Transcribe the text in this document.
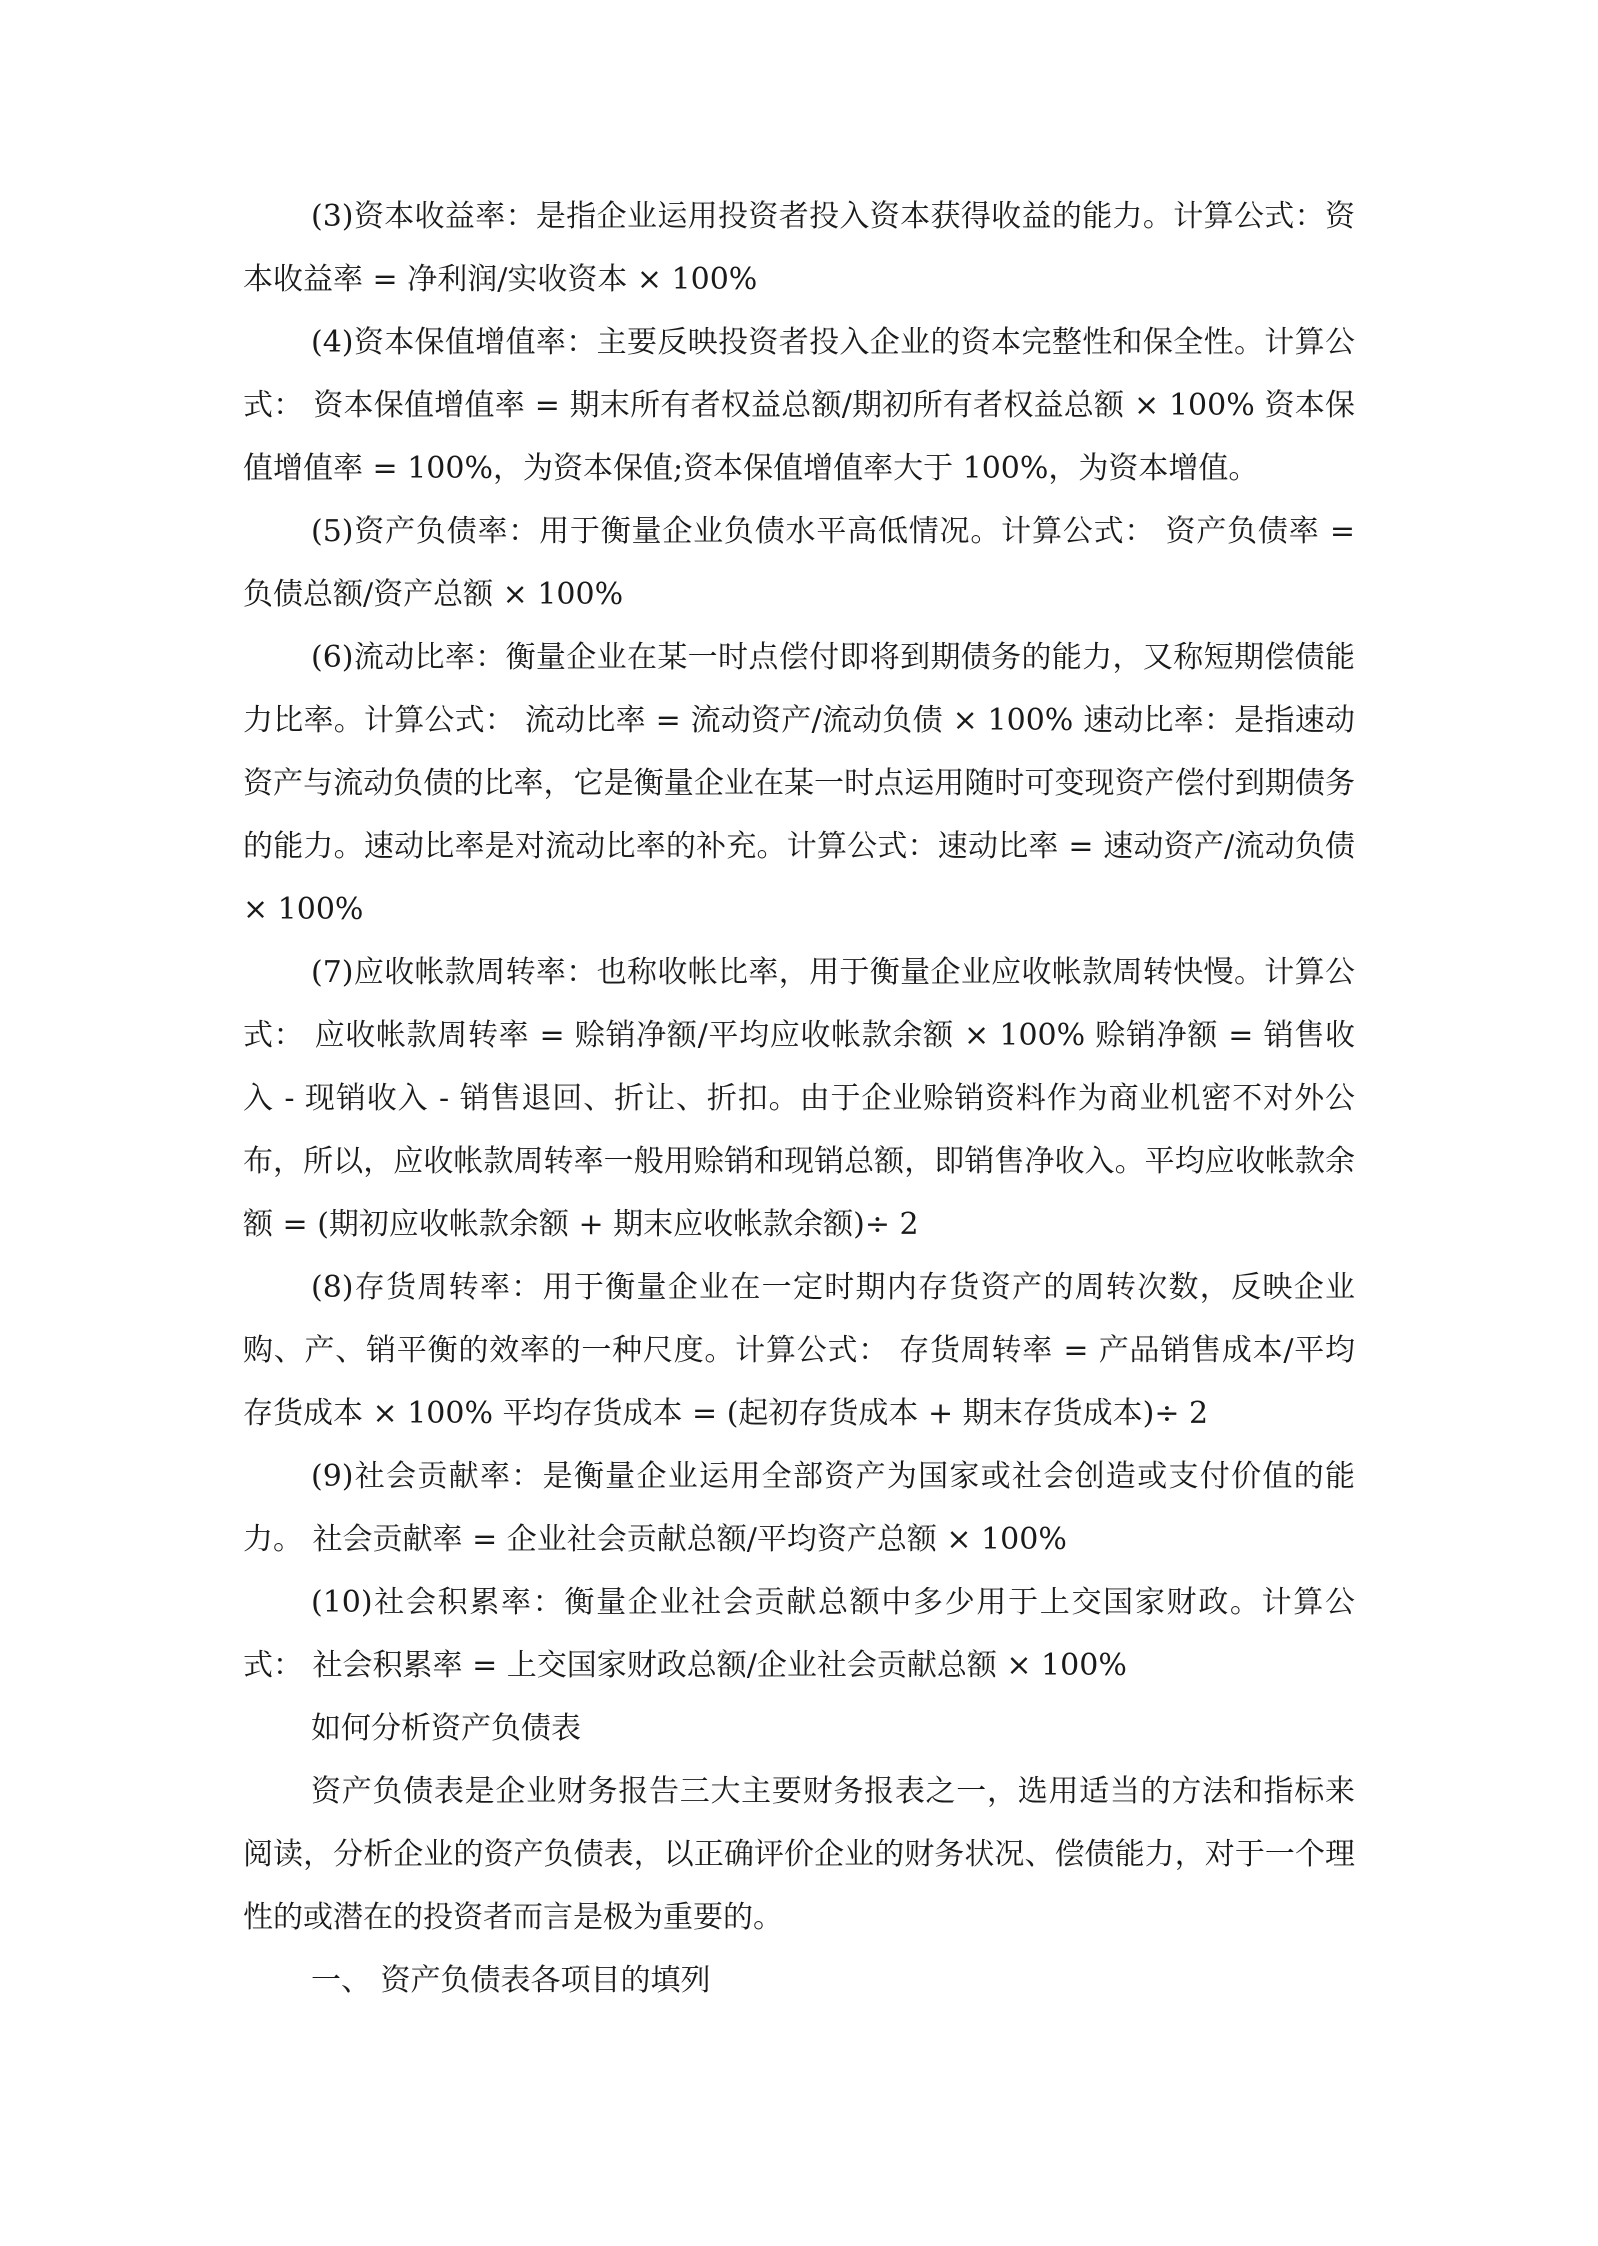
(3)资本收益率：是指企业运用投资者投入资本获得收益的能力。计算公式：资本收益率 = 净利润/实收资本 × 100%

(4)资本保值增值率：主要反映投资者投入企业的资本完整性和保全性。计算公式： 资本保值增值率 = 期末所有者权益总额/期初所有者权益总额 × 100% 资本保值增值率 = 100%，为资本保值;资本保值增值率大于 100%，为资本增值。

(5)资产负债率：用于衡量企业负债水平高低情况。计算公式： 资产负债率 = 负债总额/资产总额 × 100%

(6)流动比率：衡量企业在某一时点偿付即将到期债务的能力，又称短期偿债能力比率。计算公式： 流动比率 = 流动资产/流动负债 × 100% 速动比率：是指速动资产与流动负债的比率，它是衡量企业在某一时点运用随时可变现资产偿付到期债务的能力。速动比率是对流动比率的补充。计算公式：速动比率 = 速动资产/流动负债 × 100%

(7)应收帐款周转率：也称收帐比率，用于衡量企业应收帐款周转快慢。计算公式： 应收帐款周转率 = 赊销净额/平均应收帐款余额 × 100% 赊销净额 = 销售收入 - 现销收入 - 销售退回、折让、折扣。由于企业赊销资料作为商业机密不对外公布，所以，应收帐款周转率一般用赊销和现销总额，即销售净收入。平均应收帐款余额 = (期初应收帐款余额 + 期末应收帐款余额)÷ 2

(8)存货周转率：用于衡量企业在一定时期内存货资产的周转次数，反映企业购、产、销平衡的效率的一种尺度。计算公式： 存货周转率 = 产品销售成本/平均存货成本 × 100% 平均存货成本 = (起初存货成本 + 期末存货成本)÷ 2

(9)社会贡献率：是衡量企业运用全部资产为国家或社会创造或支付价值的能力。 社会贡献率 = 企业社会贡献总额/平均资产总额 × 100%

(10)社会积累率：衡量企业社会贡献总额中多少用于上交国家财政。计算公式： 社会积累率 = 上交国家财政总额/企业社会贡献总额 × 100%

如何分析资产负债表

资产负债表是企业财务报告三大主要财务报表之一，选用适当的方法和指标来阅读，分析企业的资产负债表，以正确评价企业的财务状况、偿债能力，对于一个理性的或潜在的投资者而言是极为重要的。

一、 资产负债表各项目的填列
